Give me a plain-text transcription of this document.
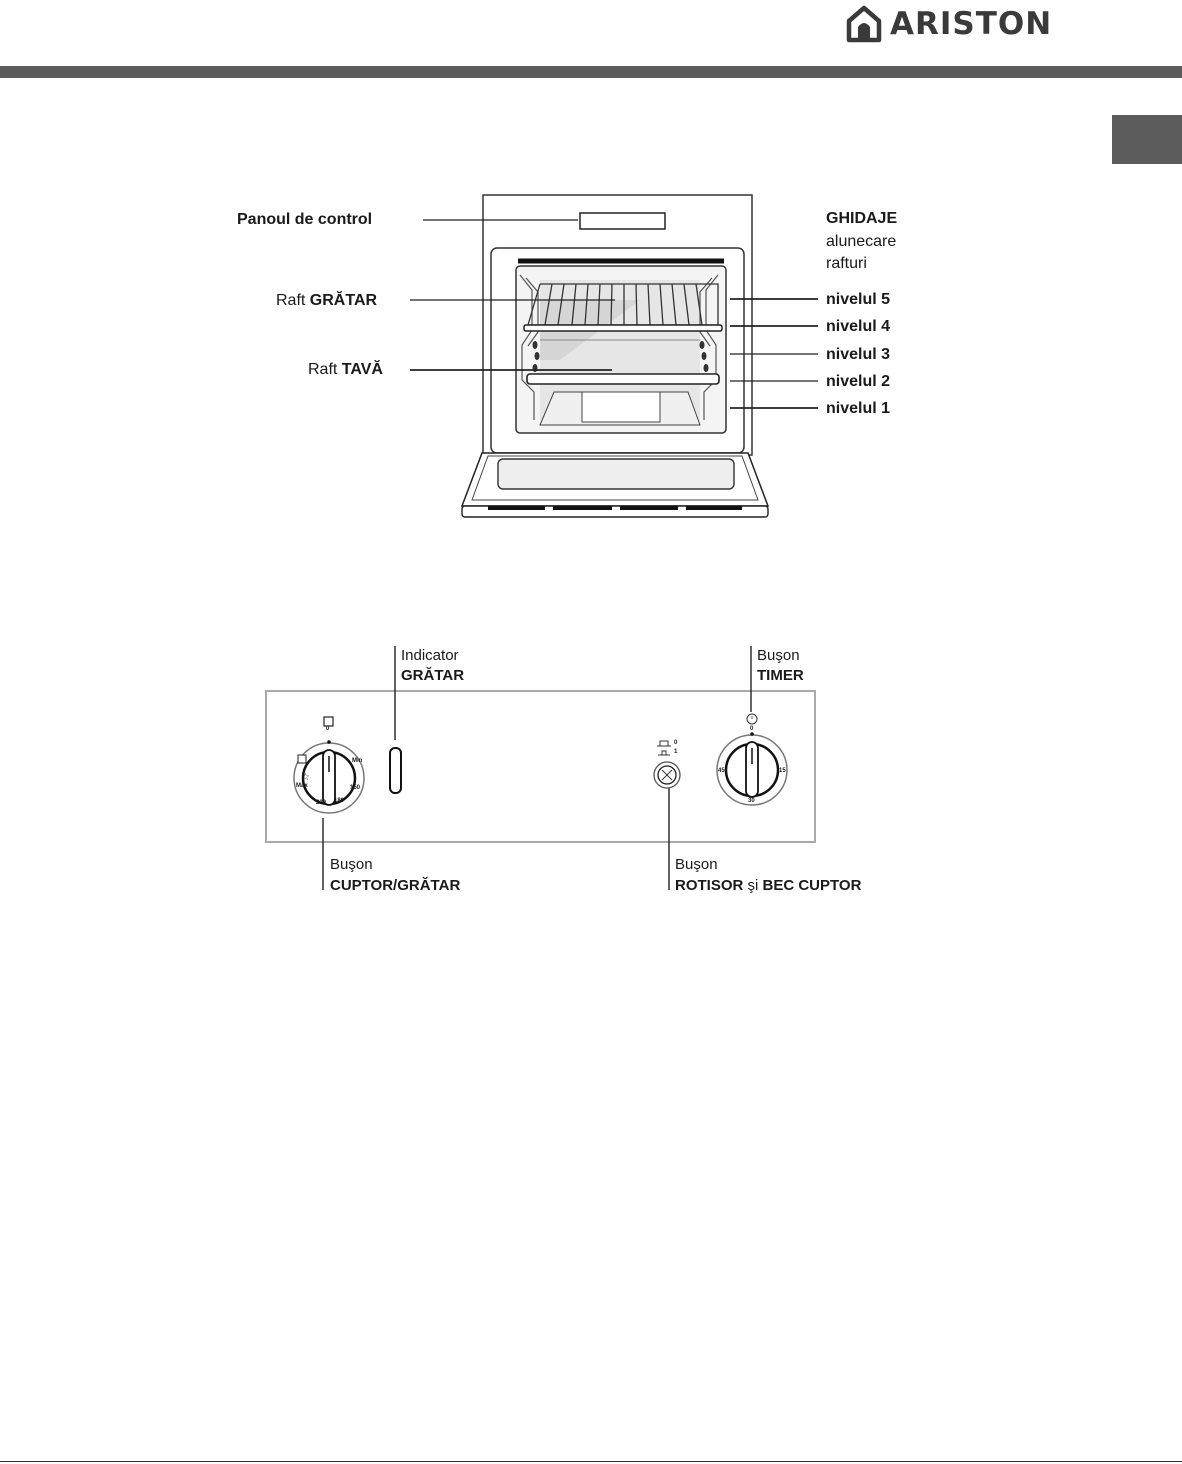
ARISTON
Panoul de control
Raft GRĂTAR
Raft TAVĂ
GHIDAJE
alunecare
rafturi
nivelul 5
nivelul 4
nivelul 3
nivelul 2
nivelul 1
☆
0
Min
150
180
220
Max
0
1
0
15
30
45
Indicator
GRĂTAR
Buşon
TIMER
Buşon
CUPTOR/GRĂTAR
Buşon
ROTISOR şi BEC CUPTOR
